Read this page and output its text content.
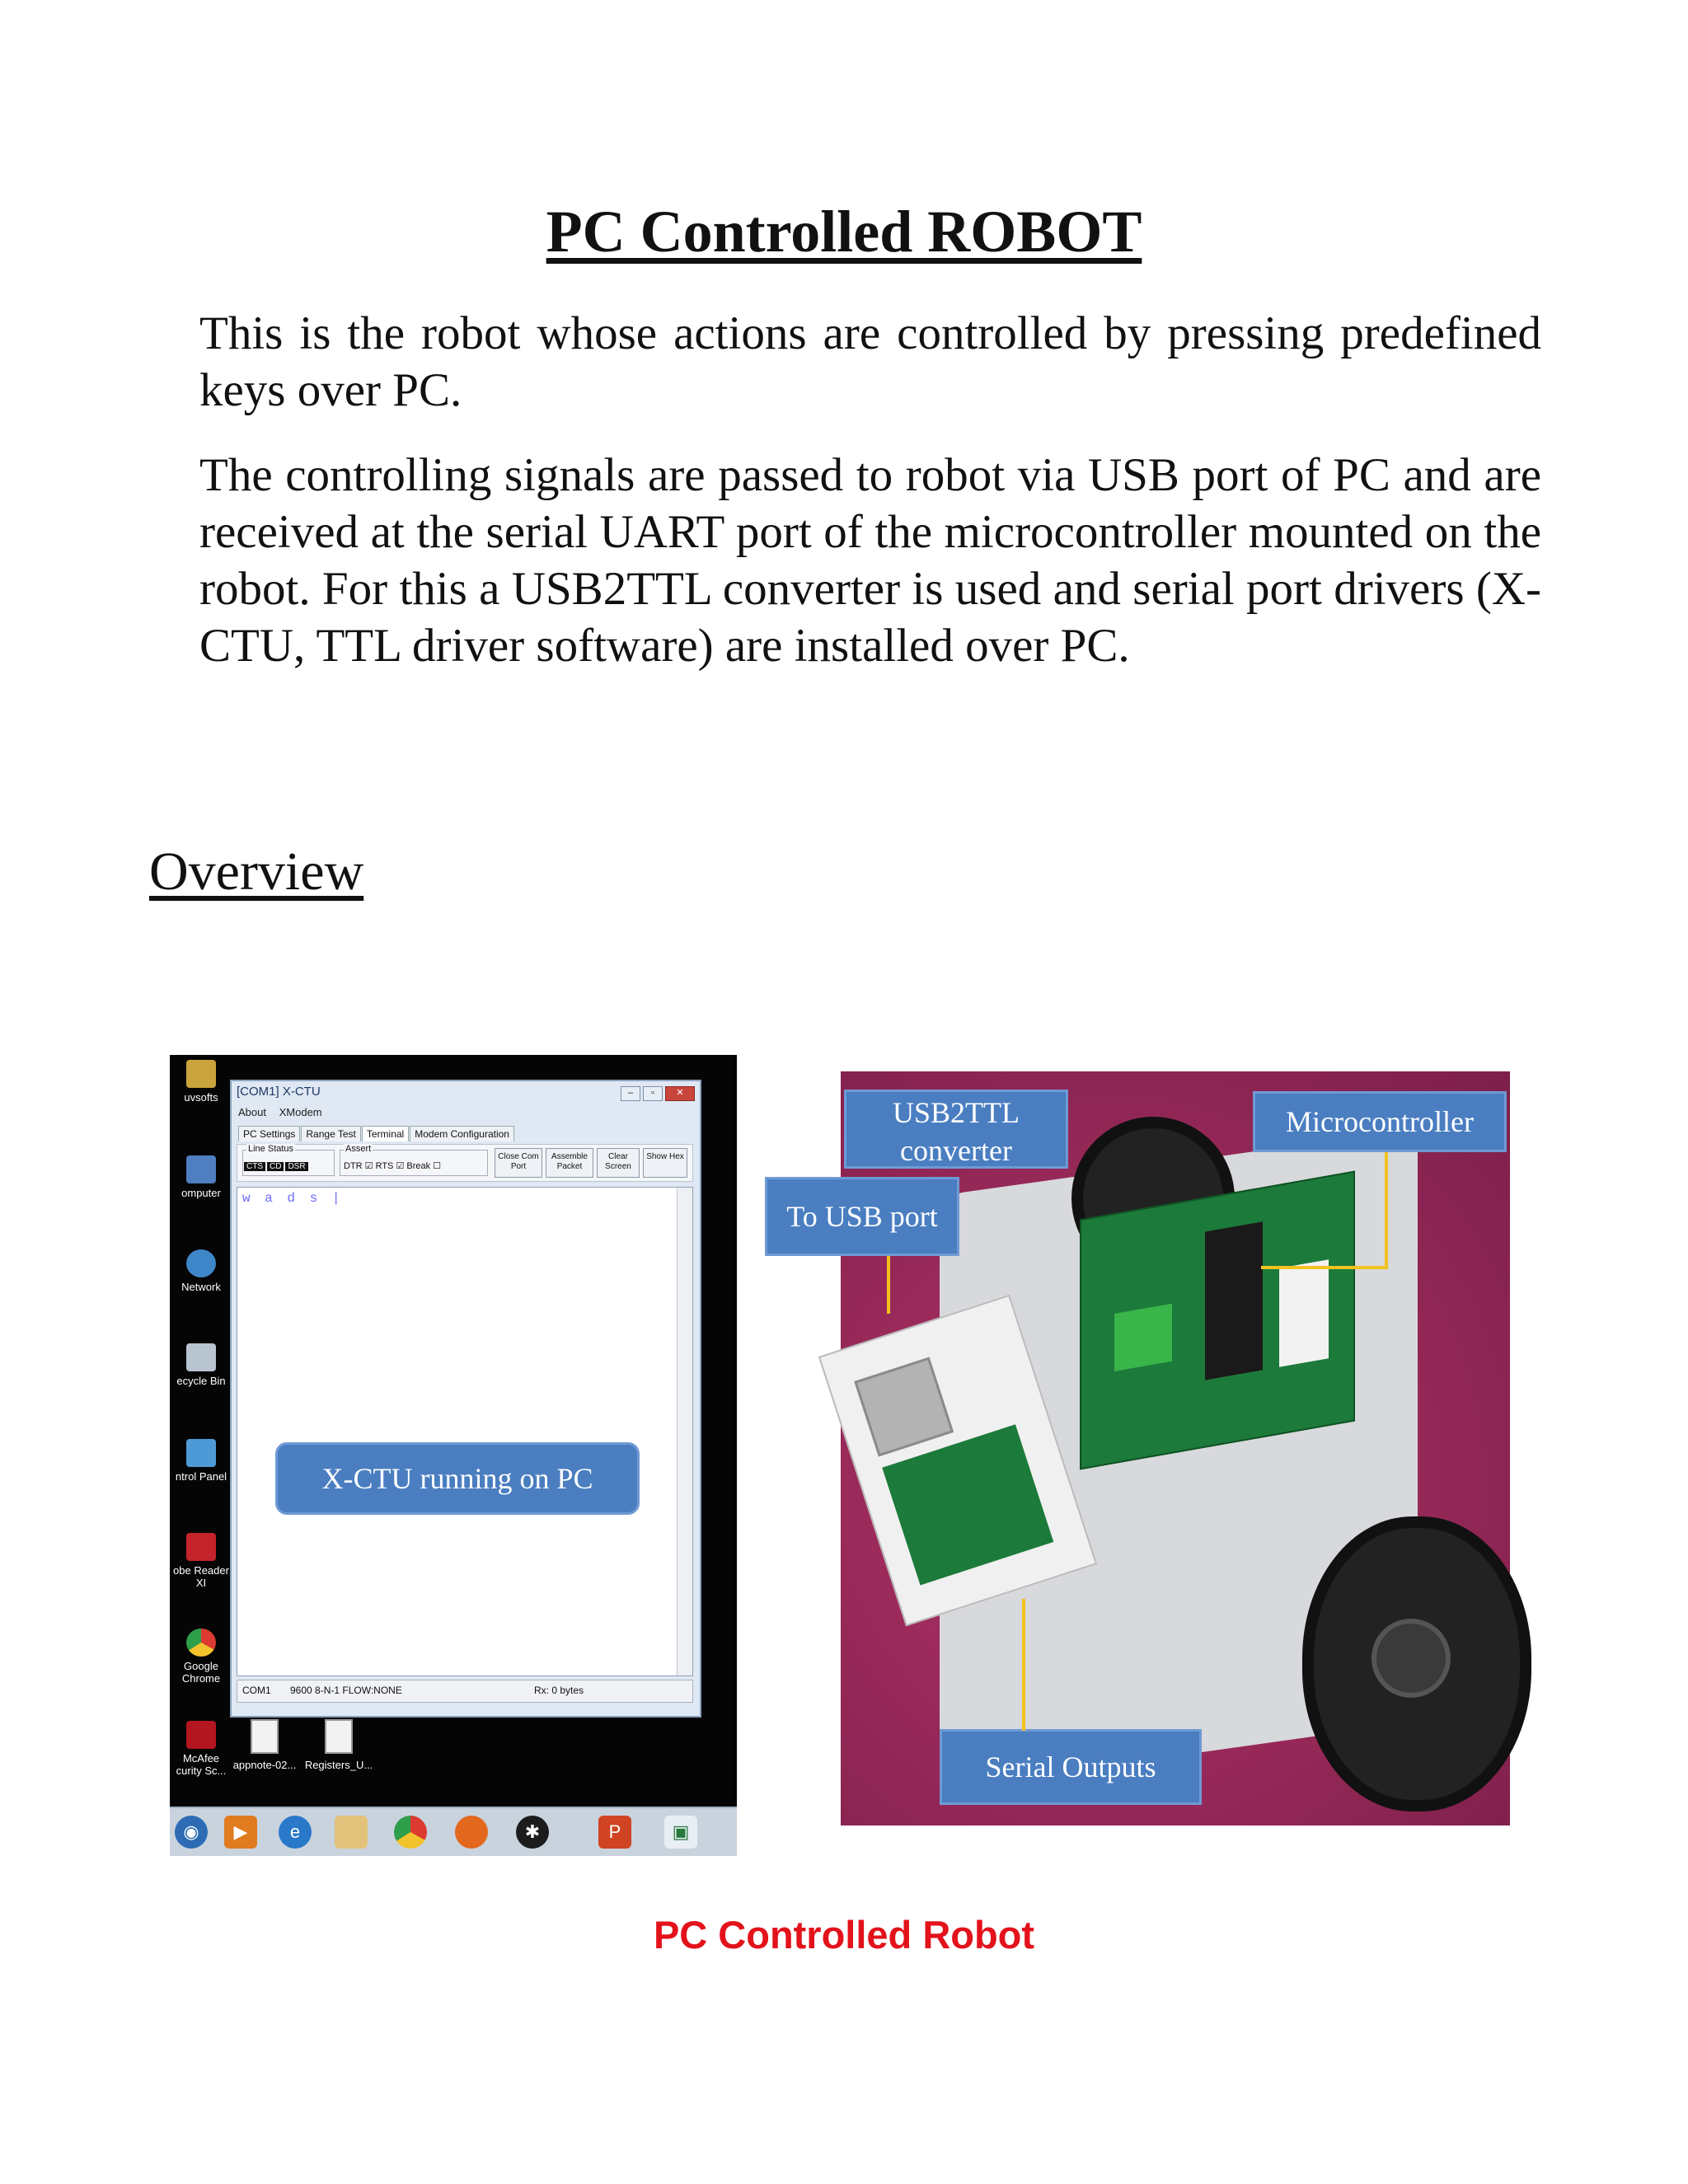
PC Controlled ROBOT

This is the robot whose actions are controlled by pressing predefined keys over PC.

The controlling signals are passed to robot via USB port of PC and are received at the serial UART port of the microcontroller mounted on the robot. For this a USB2TTL converter is used and serial port drivers (X-CTU, TTL driver software) are installed over PC.

Overview
uvsofts
omputer
Network
ecycle Bin
ntrol Panel
obe Reader XI
Google Chrome
McAfee curity Sc... appnote-02... Registers_U...
[COM1] X-CTU	– ▫ ✕
About XModem
PC Settings Range Test Terminal Modem Configuration
Line Status
CTS CD DSR
Assert
DTR ☑ RTS ☑ Break ☐
Close Com Port
Assemble Packet
Clear Screen
Show Hex
w a d s |
COM1 9600 8-N-1 FLOW:NONE	Rx: 0 bytes
X-CTU running on PC
◉	▶	e	✱	P	▣
USB2TTL converter
Microcontroller
To USB port
Serial Outputs

PC Controlled Robot
